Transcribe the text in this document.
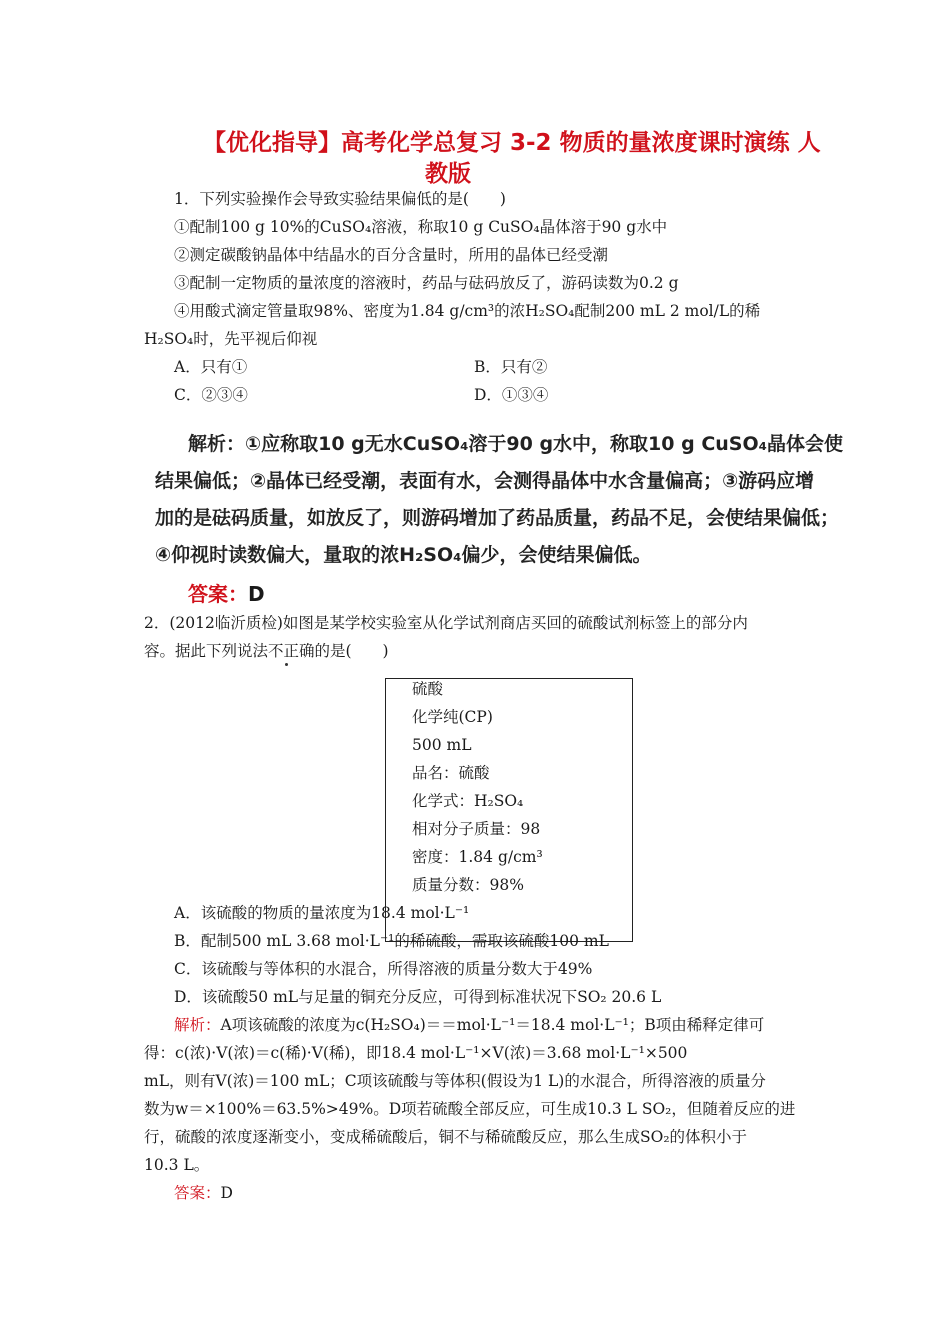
【优化指导】高考化学总复习 3-2 物质的量浓度课时演练 人
教版
1．下列实验操作会导致实验结果偏低的是(　　)
①配制100 g 10%的CuSO₄溶液，称取10 g CuSO₄晶体溶于90 g水中
②测定碳酸钠晶体中结晶水的百分含量时，所用的晶体已经受潮
③配制一定物质的量浓度的溶液时，药品与砝码放反了，游码读数为0.2 g
④用酸式滴定管量取98%、密度为1.84 g/cm³的浓H₂SO₄配制200 mL 2 mol/L的稀
H₂SO₄时，先平视后仰视
A．只有①	B．只有②
C．②③④	D．①③④
解析：①应称取10 g无水CuSO₄溶于90 g水中，称取10 g CuSO₄晶体会使
结果偏低；②晶体已经受潮，表面有水，会测得晶体中水含量偏高；③游码应增
加的是砝码质量，如放反了，则游码增加了药品质量，药品不足，会使结果偏低；
④仰视时读数偏大，量取的浓H₂SO₄偏少，会使结果偏低。
答案：D
2．(2012临沂质检)如图是某学校实验室从化学试剂商店买回的硫酸试剂标签上的部分内
容。据此下列说法不正确的是(　　)
硫酸
化学纯(CP)
500 mL
品名：硫酸
化学式：H₂SO₄
相对分子质量：98
密度：1.84 g/cm³
质量分数：98%
A．该硫酸的物质的量浓度为18.4 mol·L⁻¹
B．配制500 mL 3.68 mol·L⁻¹的稀硫酸，需取该硫酸100 mL
C．该硫酸与等体积的水混合，所得溶液的质量分数大于49%
D．该硫酸50 mL与足量的铜充分反应，可得到标准状况下SO₂ 20.6 L
解析：A项该硫酸的浓度为c(H₂SO₄)＝＝mol·L⁻¹＝18.4 mol·L⁻¹；B项由稀释定律可
得：c(浓)·V(浓)＝c(稀)·V(稀)，即18.4 mol·L⁻¹×V(浓)＝3.68 mol·L⁻¹×500
mL，则有V(浓)＝100 mL；C项该硫酸与等体积(假设为1 L)的水混合，所得溶液的质量分
数为w＝×100%＝63.5%>49%。D项若硫酸全部反应，可生成10.3 L SO₂，但随着反应的进
行，硫酸的浓度逐渐变小，变成稀硫酸后，铜不与稀硫酸反应，那么生成SO₂的体积小于
10.3 L。
答案：D
